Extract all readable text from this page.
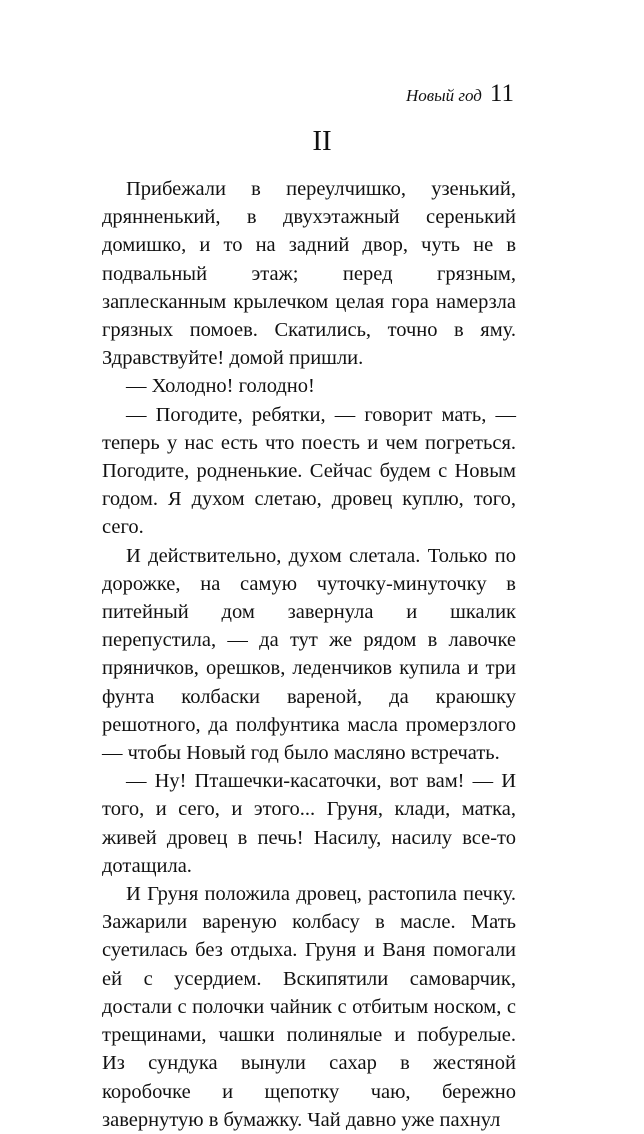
Новый год 11
II

Прибежали в переулчишко, узенький, дрянненький, в двухэтажный серенький домишко, и то на задний двор, чуть не в подвальный этаж; перед грязным, заплесканным крылечком целая гора намерзла грязных помоев. Скатились, точно в яму. Здравствуйте! домой пришли.

— Холодно! голодно!

— Погодите, ребятки, — говорит мать, — теперь у нас есть что поесть и чем погреться. Погодите, родненькие. Сейчас будем с Новым годом. Я духом слетаю, дровец куплю, того, сего.

И действительно, духом слетала. Только по дорожке, на самую чуточку-минуточку в питейный дом завернула и шкалик перепустила, — да тут же рядом в лавочке пряничков, орешков, леденчиков купила и три фунта колбаски вареной, да краюшку решотного, да полфунтика масла промерзлого — чтобы Новый год было масляно встречать.

— Ну! Пташечки-касаточки, вот вам! — И того, и сего, и этого... Груня, клади, матка, живей дровец в печь! Насилу, насилу все-то дотащила.

И Груня положила дровец, растопила печку. Зажарили вареную колбасу в масле. Мать суетилась без отдыха. Груня и Ваня помогали ей с усердием. Вскипятили самоварчик, достали с полочки чайник с отбитым носком, с трещинами, чашки полинялые и побурелые. Из сундука вынули сахар в жестяной коробочке и щепотку чаю, бережно завернутую в бумажку. Чай давно уже пахнул
